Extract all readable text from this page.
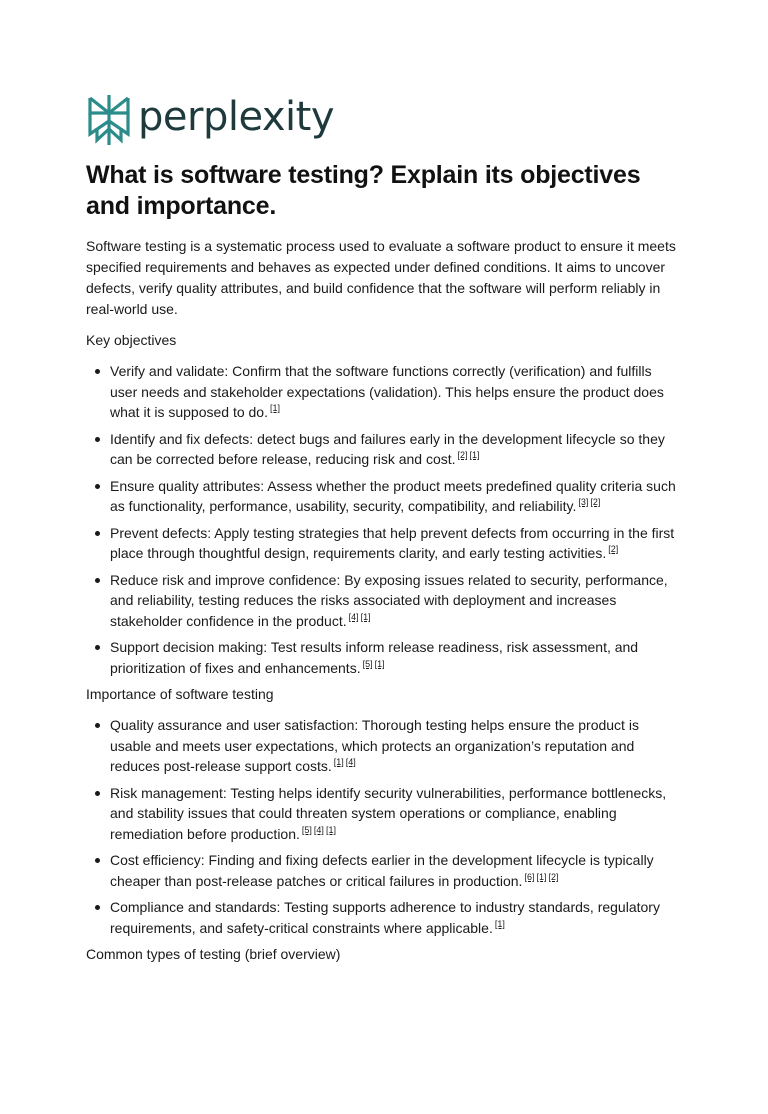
perplexity
What is software testing? Explain its objectives and importance.

Software testing is a systematic process used to evaluate a software product to ensure it meets specified requirements and behaves as expected under defined conditions. It aims to uncover defects, verify quality attributes, and build confidence that the software will perform reliably in real-world use.

Key objectives

Verify and validate: Confirm that the software functions correctly (verification) and fulfills user needs and stakeholder expectations (validation). This helps ensure the product does what it is supposed to do. [1]
Identify and fix defects: detect bugs and failures early in the development lifecycle so they can be corrected before release, reducing risk and cost. [2] [1]
Ensure quality attributes: Assess whether the product meets predefined quality criteria such as functionality, performance, usability, security, compatibility, and reliability. [3] [2]
Prevent defects: Apply testing strategies that help prevent defects from occurring in the first place through thoughtful design, requirements clarity, and early testing activities. [2]
Reduce risk and improve confidence: By exposing issues related to security, performance, and reliability, testing reduces the risks associated with deployment and increases stakeholder confidence in the product. [4] [1]
Support decision making: Test results inform release readiness, risk assessment, and prioritization of fixes and enhancements. [5] [1]

Importance of software testing

Quality assurance and user satisfaction: Thorough testing helps ensure the product is usable and meets user expectations, which protects an organization’s reputation and reduces post-release support costs. [1] [4]
Risk management: Testing helps identify security vulnerabilities, performance bottlenecks, and stability issues that could threaten system operations or compliance, enabling remediation before production. [5] [4] [1]
Cost efficiency: Finding and fixing defects earlier in the development lifecycle is typically cheaper than post-release patches or critical failures in production. [6] [1] [2]
Compliance and standards: Testing supports adherence to industry standards, regulatory requirements, and safety-critical constraints where applicable. [1]

Common types of testing (brief overview)
